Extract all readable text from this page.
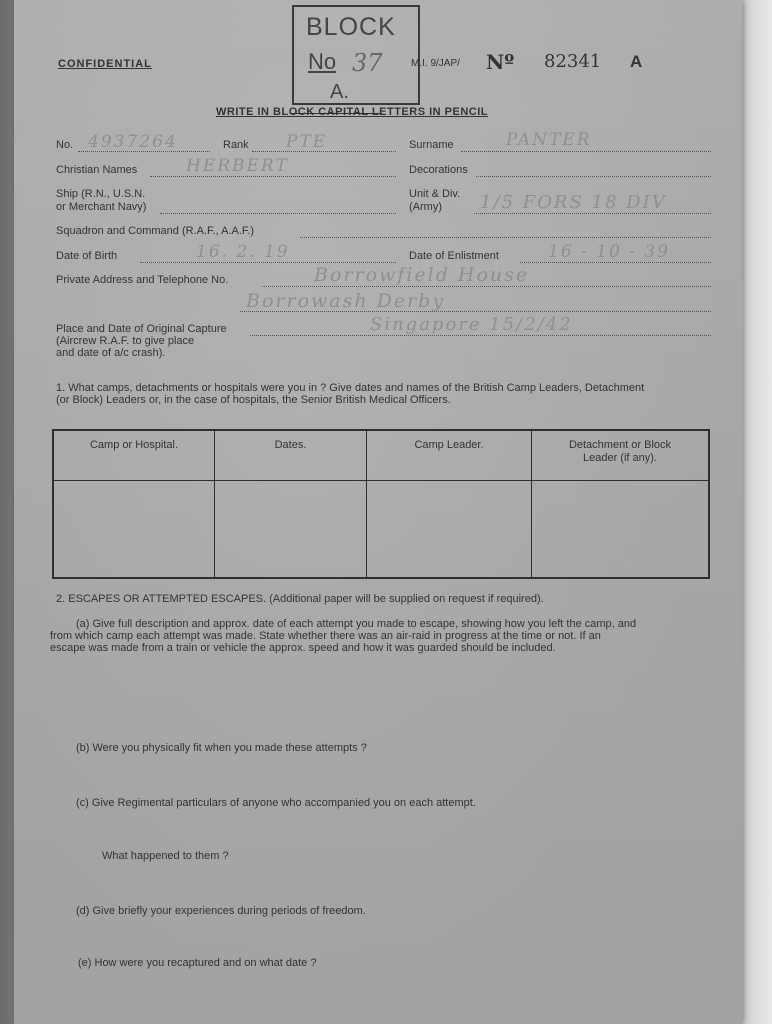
CONFIDENTIAL
BLOCK
No 37
A.
M.I. 9/JAP/ Nº 82341 A
WRITE IN BLOCK CAPITAL LETTERS IN PENCIL
No. 4937264	Rank PTE	Surname	PANTER
Christian Names	HERBERT	Decorations
Ship (R.N., U.S.N.
or Merchant Navy)
Unit & Div.
(Army)	1/5 FORS 18 DIV
Squadron and Command (R.A.F., A.A.F.)
Date of Birth	16. 2. 19	Date of Enlistment	16 - 10 - 39
Private Address and Telephone No.	Borrowfield House
Borrowash Derby
Place and Date of Original Capture
(Aircrew R.A.F. to give place
and date of a/c crash).
Singapore 15/2/42
1. What camps, detachments or hospitals were you in ? Give dates and names of the British Camp Leaders, Detachment
(or Block) Leaders or, in the case of hospitals, the Senior British Medical Officers.
Camp or Hospital.	Dates.	Camp Leader.	Detachment or Block Leader (if any).

2. ESCAPES OR ATTEMPTED ESCAPES. (Additional paper will be supplied on request if required).
(a) Give full description and approx. date of each attempt you made to escape, showing how you left the camp, and
from which camp each attempt was made. State whether there was an air-raid in progress at the time or not. If an
escape was made from a train or vehicle the approx. speed and how it was guarded should be included.
(b) Were you physically fit when you made these attempts ?
(c) Give Regimental particulars of anyone who accompanied you on each attempt.
What happened to them ?
(d) Give briefly your experiences during periods of freedom.
(e) How were you recaptured and on what date ?
